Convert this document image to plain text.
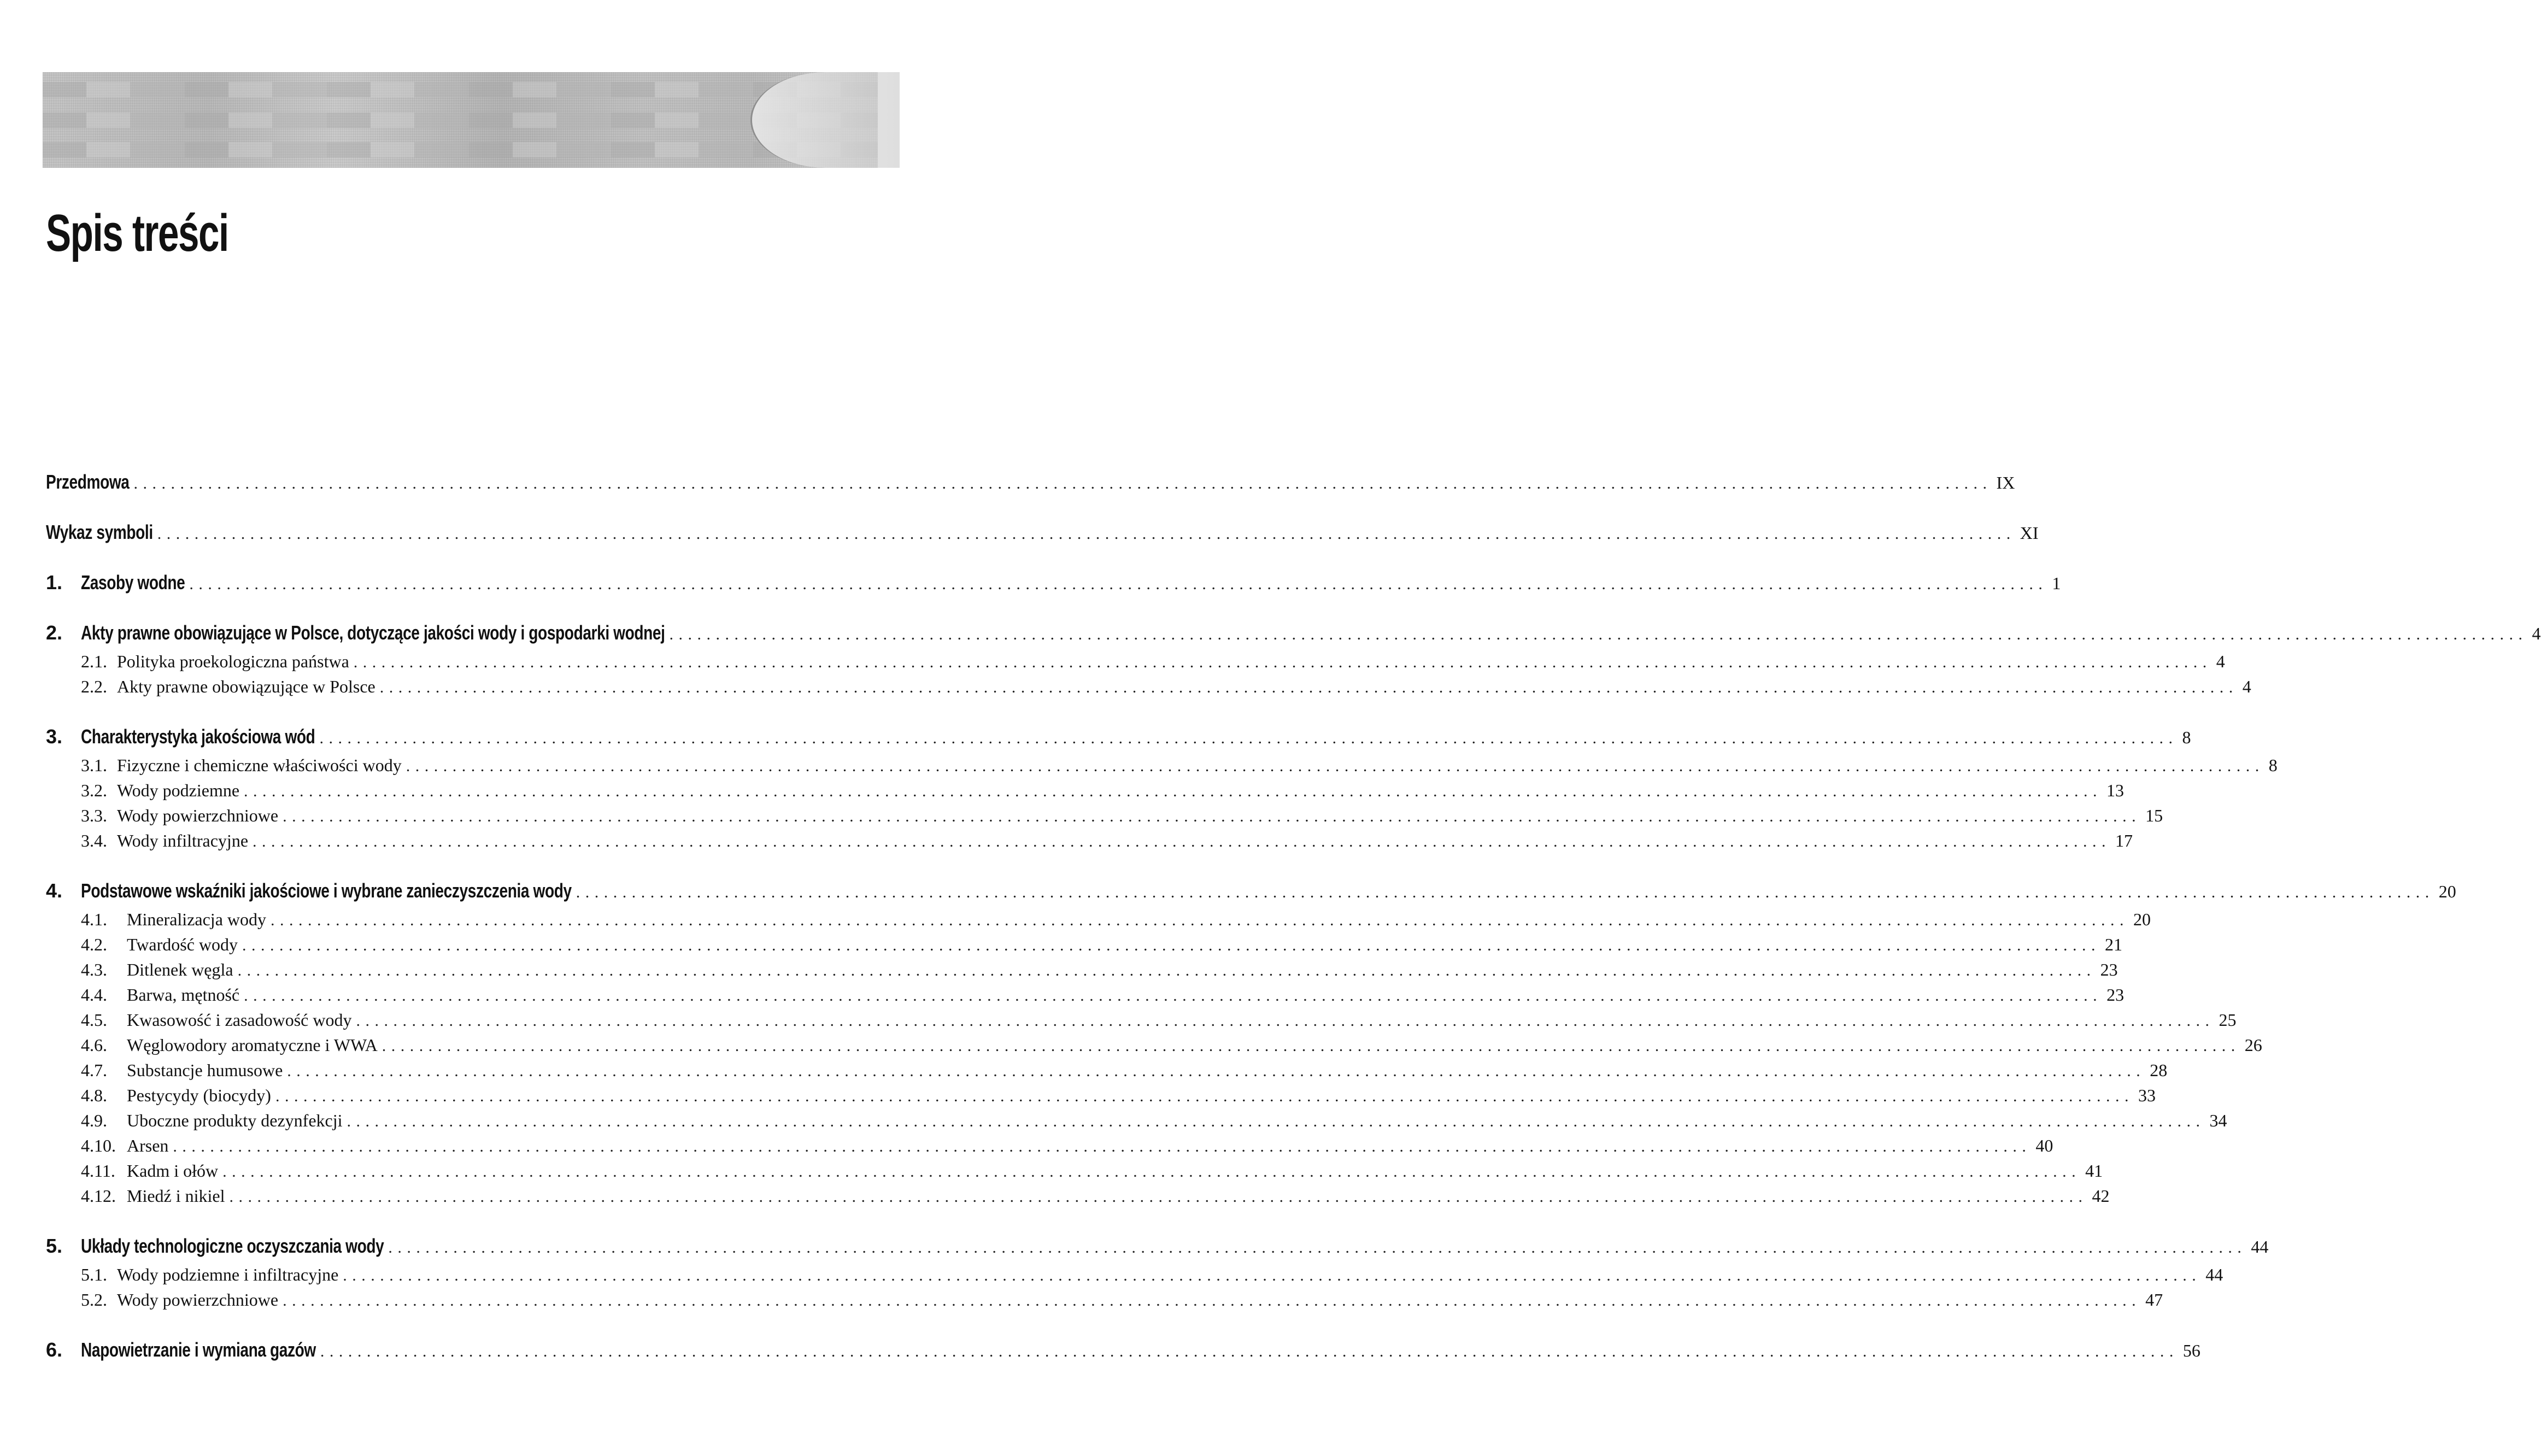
Spis treści
Przedmowa ........................................................................................................................................................................................................ IX
Wykaz symboli ........................................................................................................................................................................................................ XI
1. Zasoby wodne ........................................................................................................................................................................................................ 1
2. Akty prawne obowiązujące w Polsce, dotyczące jakości wody i gospodarki wodnej ........................................................................................................................................................................................................ 4
2.1. Polityka proekologiczna państwa ........................................................................................................................................................................................................ 4
2.2. Akty prawne obowiązujące w Polsce ........................................................................................................................................................................................................ 4
3. Charakterystyka jakościowa wód ........................................................................................................................................................................................................ 8
3.1. Fizyczne i chemiczne właściwości wody ........................................................................................................................................................................................................ 8
3.2. Wody podziemne ........................................................................................................................................................................................................ 13
3.3. Wody powierzchniowe ........................................................................................................................................................................................................ 15
3.4. Wody infiltracyjne ........................................................................................................................................................................................................ 17
4. Podstawowe wskaźniki jakościowe i wybrane zanieczyszczenia wody ........................................................................................................................................................................................................ 20
4.1. Mineralizacja wody ........................................................................................................................................................................................................ 20
4.2. Twardość wody ........................................................................................................................................................................................................ 21
4.3. Ditlenek węgla ........................................................................................................................................................................................................ 23
4.4. Barwa, mętność ........................................................................................................................................................................................................ 23
4.5. Kwasowość i zasadowość wody ........................................................................................................................................................................................................ 25
4.6. Węglowodory aromatyczne i WWA ........................................................................................................................................................................................................ 26
4.7. Substancje humusowe ........................................................................................................................................................................................................ 28
4.8. Pestycydy (biocydy) ........................................................................................................................................................................................................ 33
4.9. Uboczne produkty dezynfekcji ........................................................................................................................................................................................................ 34
4.10. Arsen ........................................................................................................................................................................................................ 40
4.11. Kadm i ołów ........................................................................................................................................................................................................ 41
4.12. Miedź i nikiel ........................................................................................................................................................................................................ 42
5. Układy technologiczne oczyszczania wody ........................................................................................................................................................................................................ 44
5.1. Wody podziemne i infiltracyjne ........................................................................................................................................................................................................ 44
5.2. Wody powierzchniowe ........................................................................................................................................................................................................ 47
6. Napowietrzanie i wymiana gazów ........................................................................................................................................................................................................ 56
